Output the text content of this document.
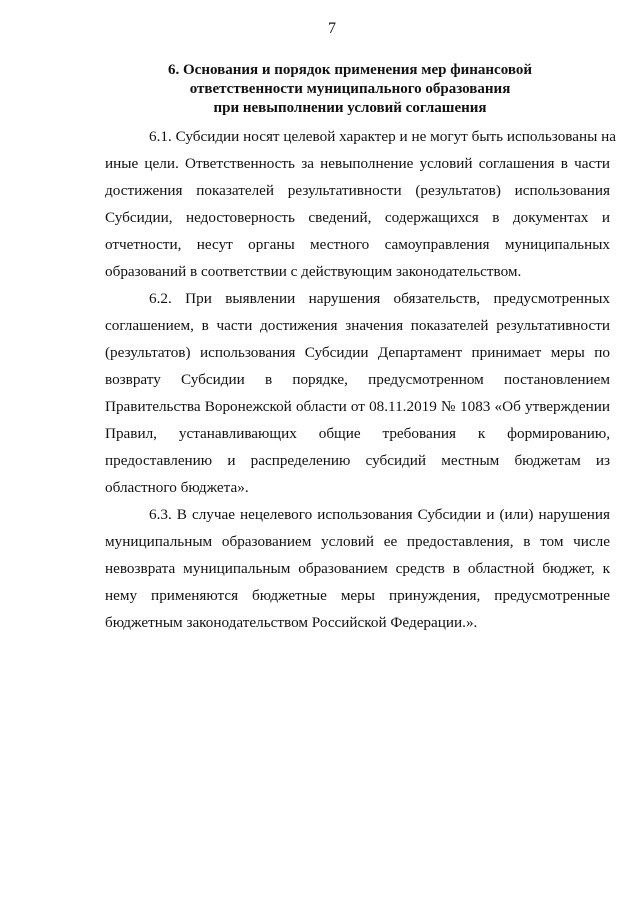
7
6. Основания и порядок применения мер финансовой
ответственности муниципального образования
при невыполнении условий соглашения

6.1. Субсидии носят целевой характер и не могут быть использованы на
иные цели. Ответственность за невыполнение условий соглашения в части
достижения показателей результативности (результатов) использования
Субсидии, недостоверность сведений, содержащихся в документах и
отчетности, несут органы местного самоуправления муниципальных
образований в соответствии с действующим законодательством.

6.2. При выявлении нарушения обязательств, предусмотренных
соглашением, в части достижения значения показателей результативности
(результатов) использования Субсидии Департамент принимает меры по
возврату Субсидии в порядке, предусмотренном постановлением
Правительства Воронежской области от 08.11.2019 № 1083 «Об утверждении
Правил, устанавливающих общие требования к формированию,
предоставлению и распределению субсидий местным бюджетам из
областного бюджета».

6.3. В случае нецелевого использования Субсидии и (или) нарушения
муниципальным образованием условий ее предоставления, в том числе
невозврата муниципальным образованием средств в областной бюджет, к
нему применяются бюджетные меры принуждения, предусмотренные
бюджетным законодательством Российской Федерации.».
